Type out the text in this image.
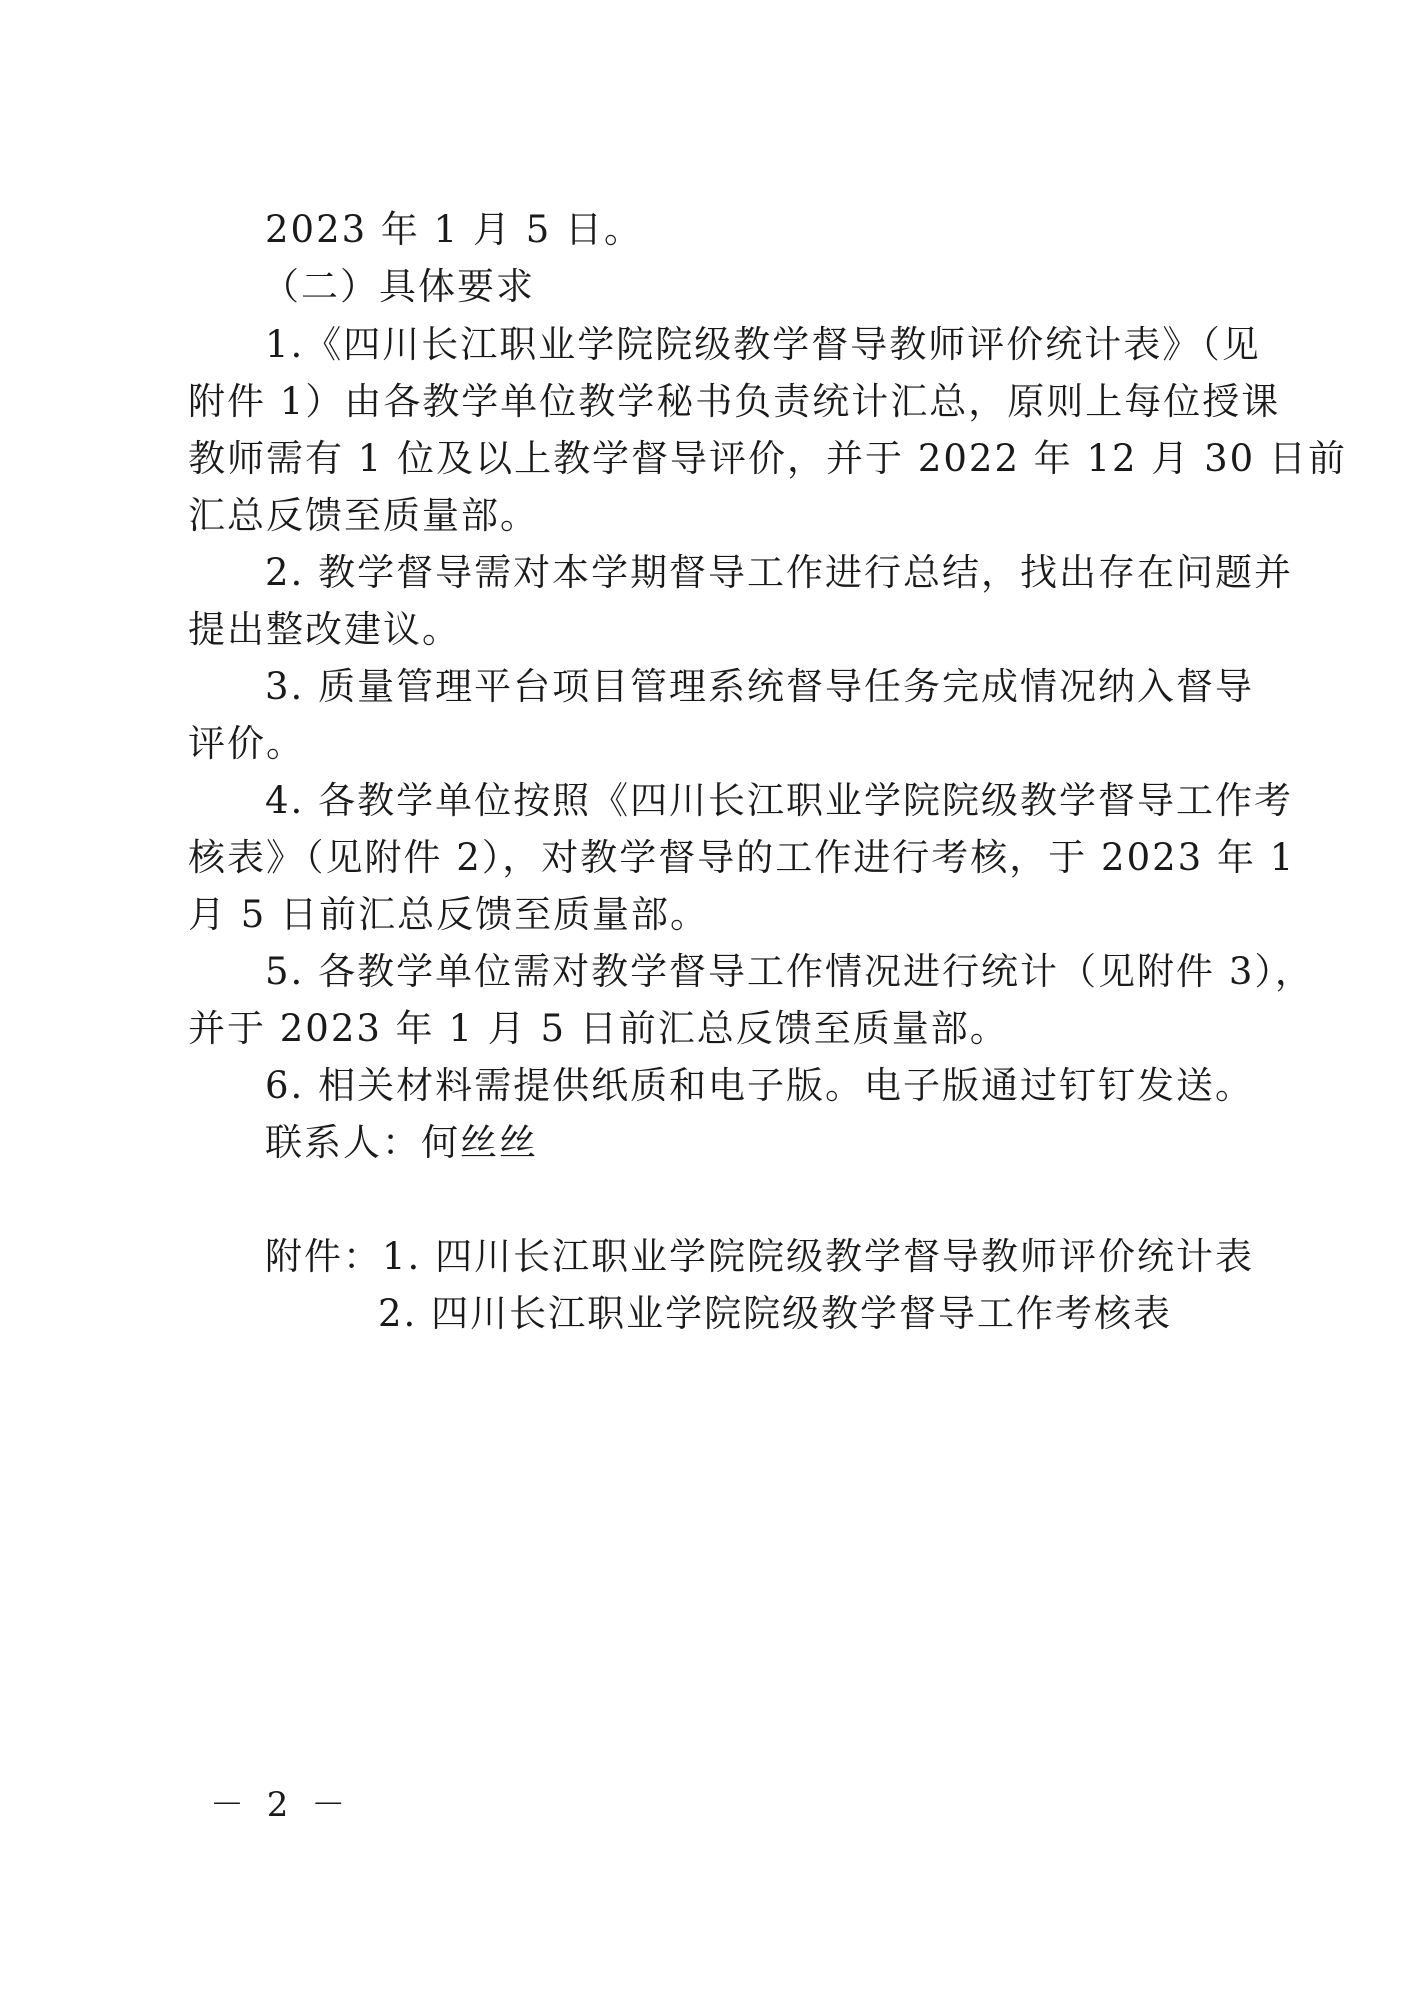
2023 年 1 月 5 日。
（二）具体要求
1.《四川长江职业学院院级教学督导教师评价统计表》（见
附件 1）由各教学单位教学秘书负责统计汇总，原则上每位授课
教师需有 1 位及以上教学督导评价，并于 2022 年 12 月 30 日前
汇总反馈至质量部。
2. 教学督导需对本学期督导工作进行总结，找出存在问题并
提出整改建议。
3. 质量管理平台项目管理系统督导任务完成情况纳入督导
评价。
4. 各教学单位按照《四川长江职业学院院级教学督导工作考
核表》（见附件 2），对教学督导的工作进行考核，于 2023 年 1
月 5 日前汇总反馈至质量部。
5. 各教学单位需对教学督导工作情况进行统计（见附件 3），
并于 2023 年 1 月 5 日前汇总反馈至质量部。
6. 相关材料需提供纸质和电子版。电子版通过钉钉发送。
联系人：何丝丝
附件：1. 四川长江职业学院院级教学督导教师评价统计表
2. 四川长江职业学院院级教学督导工作考核表
－ 2 －
